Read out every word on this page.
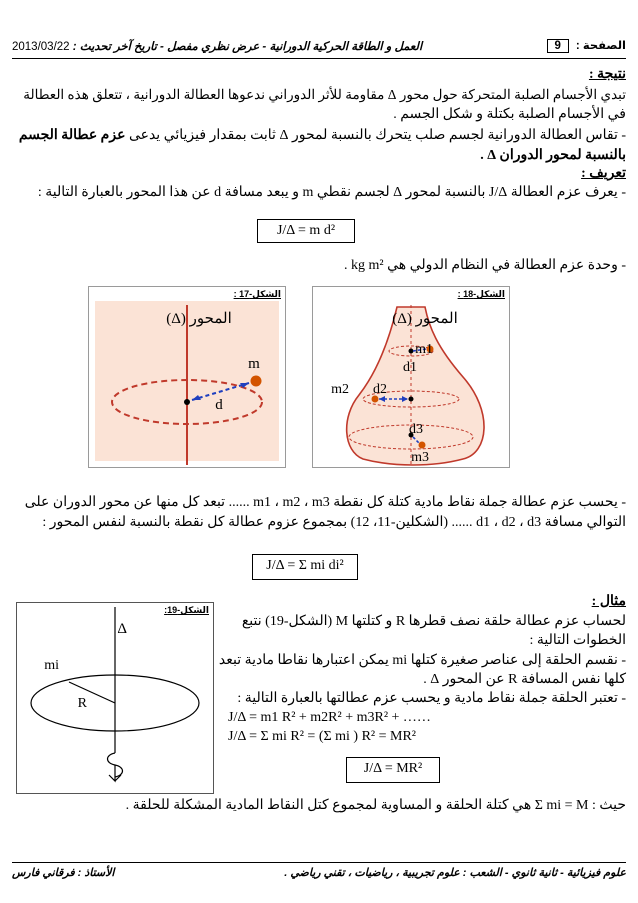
الصفحة : 9
العمل و الطاقة الحركية الدورانية - عرض نظري مفصل - تاريخ آخر تحديث : 2013/03/22
نتيجة :
تبدي الأجسام الصلبة المتحركة حول محور Δ مقاومة للأثر الدوراني ندعوها العطالة الدورانية ، تتعلق هذه العطالة
في الأجسام الصلبة بكتلة و شكل الجسم .
- تقاس العطالة الدورانية لجسم صلب يتحرك بالنسبة لمحور Δ ثابت بمقدار فيزيائي يدعى عزم عطالة الجسم
بالنسبة لمحور الدوران Δ .
تعريف :
- يعرف عزم العطالة J/Δ بالنسبة لمحور Δ لجسم نقطي m و يبعد مسافة d عن هذا المحور بالعبارة التالية :
J/Δ = m d²
- وحدة عزم العطالة في النظام الدولي هي kg m² .
d
m
المحور (Δ)
الشكل-17 :
m1
d1
m2 d2
d3
m3
المحور (Δ)
الشكل-18 :
- يحسب عزم عطالة جملة نقاط مادية كتلة كل نقطة m1 ، m2 ، m3 ...... تبعد كل منها عن محور الدوران على
التوالي مسافة d1 ، d2 ، d3 ...... (الشكلين-11، 12) بمجموع عزوم عطالة كل نقطة بالنسبة لنفس المحور :
J/Δ = Σ mi di²
مثال :
لحساب عزم عطالة حلقة نصف قطرها R و كتلتها M (الشكل-19) نتبع
الخطوات التالية :
- نقسم الحلقة إلى عناصر صغيرة كتلها mi يمكن اعتبارها نقاطا مادية تبعد
كلها نفس المسافة R عن المحور Δ .
- تعتبر الحلقة جملة نقاط مادية و يحسب عزم عطالتها بالعبارة التالية :
J/Δ = m1 R² + m2R² + m3R² + ……
J/Δ = Σ mi R² = (Σ mi ) R² = MR²
J/Δ = MR²
حيث : Σ mi = M هي كتلة الحلقة و المساوية لمجموع كتل النقاط المادية المشكلة للحلقة .
mi
R
Δ
الشكل-19:
علوم فيزيائية - ثانية ثانوي - الشعب : علوم تجريبية ، رياضيات ، تقني رياضي .
الأستاذ : فرقاني فارس
